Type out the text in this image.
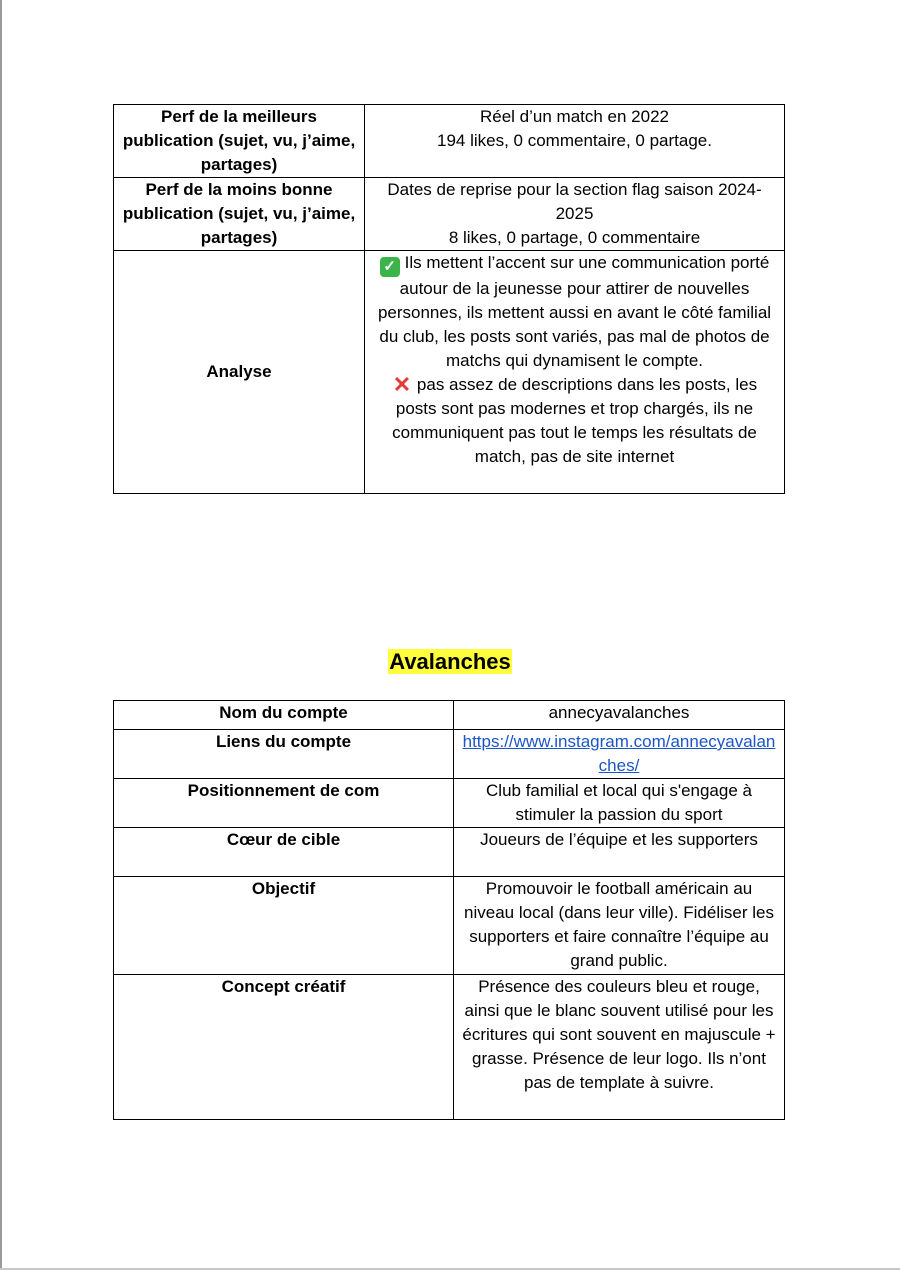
Perf de la meilleurs publication (sujet, vu, j’aime, partages)	Réel d’un match en 2022
194 likes, 0 commentaire, 0 partage.

Perf de la moins bonne publication (sujet, vu, j’aime, partages)	Dates de reprise pour la section flag saison 2024-2025
8 likes, 0 partage, 0 commentaire

Analyse	✓ Ils mettent l’accent sur une communication porté autour de la jeunesse pour attirer de nouvelles personnes, ils mettent aussi en avant le côté familial du club, les posts sont variés, pas mal de photos de matchs qui dynamisent le compte.
✕ pas assez de descriptions dans les posts, les posts sont pas modernes et trop chargés, ils ne communiquent pas tout le temps les résultats de match, pas de site internet
Avalanches
Nom du compte	annecyavalanches
Liens du compte	https://www.instagram.com/annecyavalanches/
Positionnement de com	Club familial et local qui s'engage à stimuler la passion du sport
Cœur de cible	Joueurs de l’équipe et les supporters
Objectif	Promouvoir le football américain au niveau local (dans leur ville). Fidéliser les supporters et faire connaître l’équipe au grand public.
Concept créatif	Présence des couleurs bleu et rouge, ainsi que le blanc souvent utilisé pour les écritures qui sont souvent en majuscule + grasse. Présence de leur logo. Ils n’ont pas de template à suivre.
